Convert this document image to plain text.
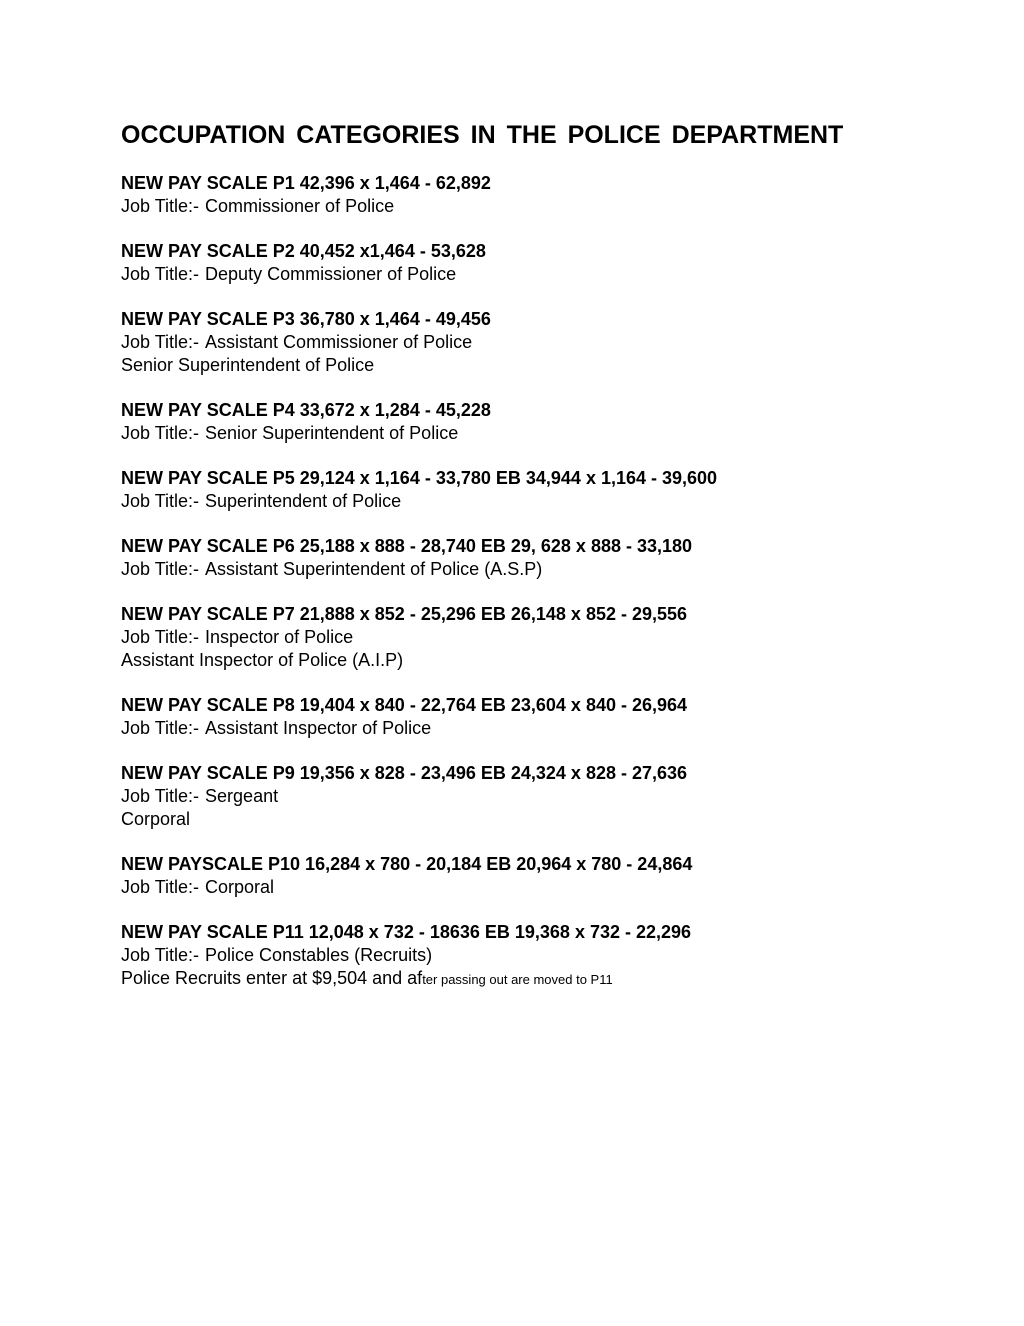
OCCUPATION CATEGORIES IN THE POLICE DEPARTMENT
NEW PAY SCALE P1 42,396 x 1,464 - 62,892
Job Title:- Commissioner of Police
NEW PAY SCALE P2 40,452 x1,464 - 53,628
Job Title:- Deputy Commissioner of Police
NEW PAY SCALE P3 36,780 x 1,464 - 49,456
Job Title:- Assistant Commissioner of Police
Senior Superintendent of Police
NEW PAY SCALE P4 33,672 x 1,284 - 45,228
Job Title:- Senior Superintendent of Police
NEW PAY SCALE P5 29,124 x 1,164 - 33,780 EB 34,944 x 1,164 - 39,600
Job Title:- Superintendent of Police
NEW PAY SCALE P6 25,188 x 888 - 28,740 EB 29, 628 x 888 - 33,180
Job Title:- Assistant Superintendent of Police (A.S.P)
NEW PAY SCALE P7 21,888 x 852 - 25,296 EB 26,148 x 852 - 29,556
Job Title:- Inspector of Police
Assistant Inspector of Police (A.I.P)
NEW PAY SCALE P8 19,404 x 840 - 22,764 EB 23,604 x 840 - 26,964
Job Title:- Assistant Inspector of Police
NEW PAY SCALE P9 19,356 x 828 - 23,496 EB 24,324 x 828 - 27,636
Job Title:- Sergeant
Corporal
NEW PAYSCALE P10 16,284 x 780 - 20,184 EB 20,964 x 780 - 24,864
Job Title:- Corporal
NEW PAY SCALE P11 12,048 x 732 - 18636 EB 19,368 x 732 - 22,296
Job Title:- Police Constables (Recruits)
Police Recruits enter at $9,504 and after passing out are moved to P11
